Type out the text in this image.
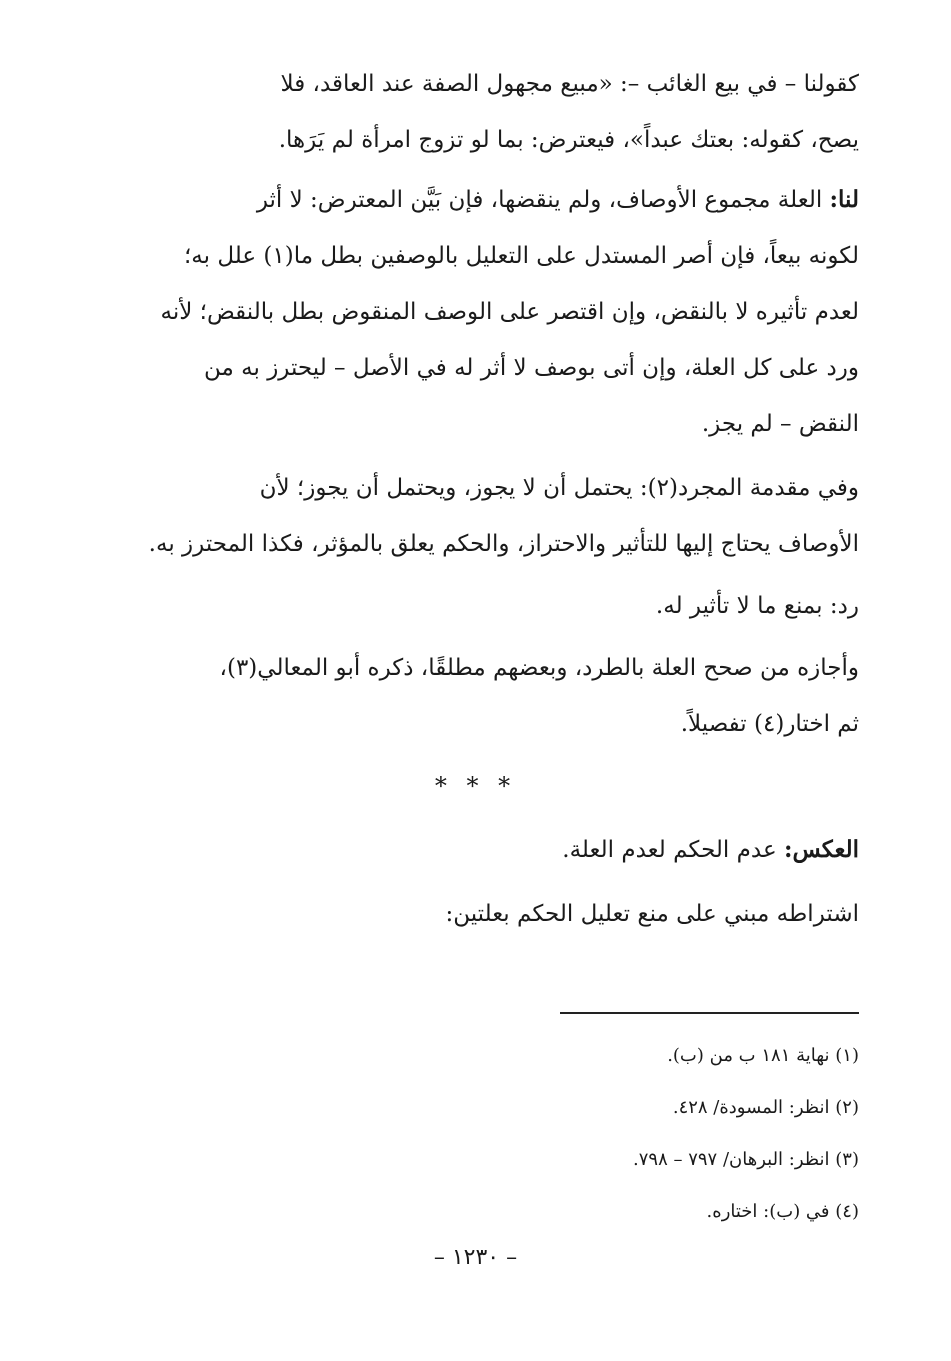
كقولنا – في بيع الغائب –: «مبيع مجهول الصفة عند العاقد، فلا
يصح، كقوله: بعتك عبداً»، فيعترض: بما لو تزوج امرأة لم يَرَها.

لنا: العلة مجموع الأوصاف، ولم ينقضها، فإن بَيَّن المعترض: لا أثر
لكونه بيعاً، فإن أصر المستدل على التعليل بالوصفين بطل ما(١) علل به؛
لعدم تأثيره لا بالنقض، وإن اقتصر على الوصف المنقوض بطل بالنقض؛ لأنه
ورد على كل العلة، وإن أتى بوصف لا أثر له في الأصل – ليحترز به من
النقض – لم يجز.

وفي مقدمة المجرد(٢): يحتمل أن لا يجوز، ويحتمل أن يجوز؛ لأن
الأوصاف يحتاج إليها للتأثير والاحتراز، والحكم يعلق بالمؤثر، فكذا المحترز به.

رد: بمنع ما لا تأثير له.

وأجازه من صحح العلة بالطرد، وبعضهم مطلقًا، ذكره أبو المعالي(٣)،
ثم اختار(٤) تفصيلاً.

* * *

العكس: عدم الحكم لعدم العلة.

اشتراطه مبني على منع تعليل الحكم بعلتين:

(١) نهاية ١٨١ ب من (ب).
(٢) انظر: المسودة/ ٤٢٨.
(٣) انظر: البرهان/ ٧٩٧ – ٧٩٨.
(٤) في (ب): اختاره.
– ١٢٣٠ –
